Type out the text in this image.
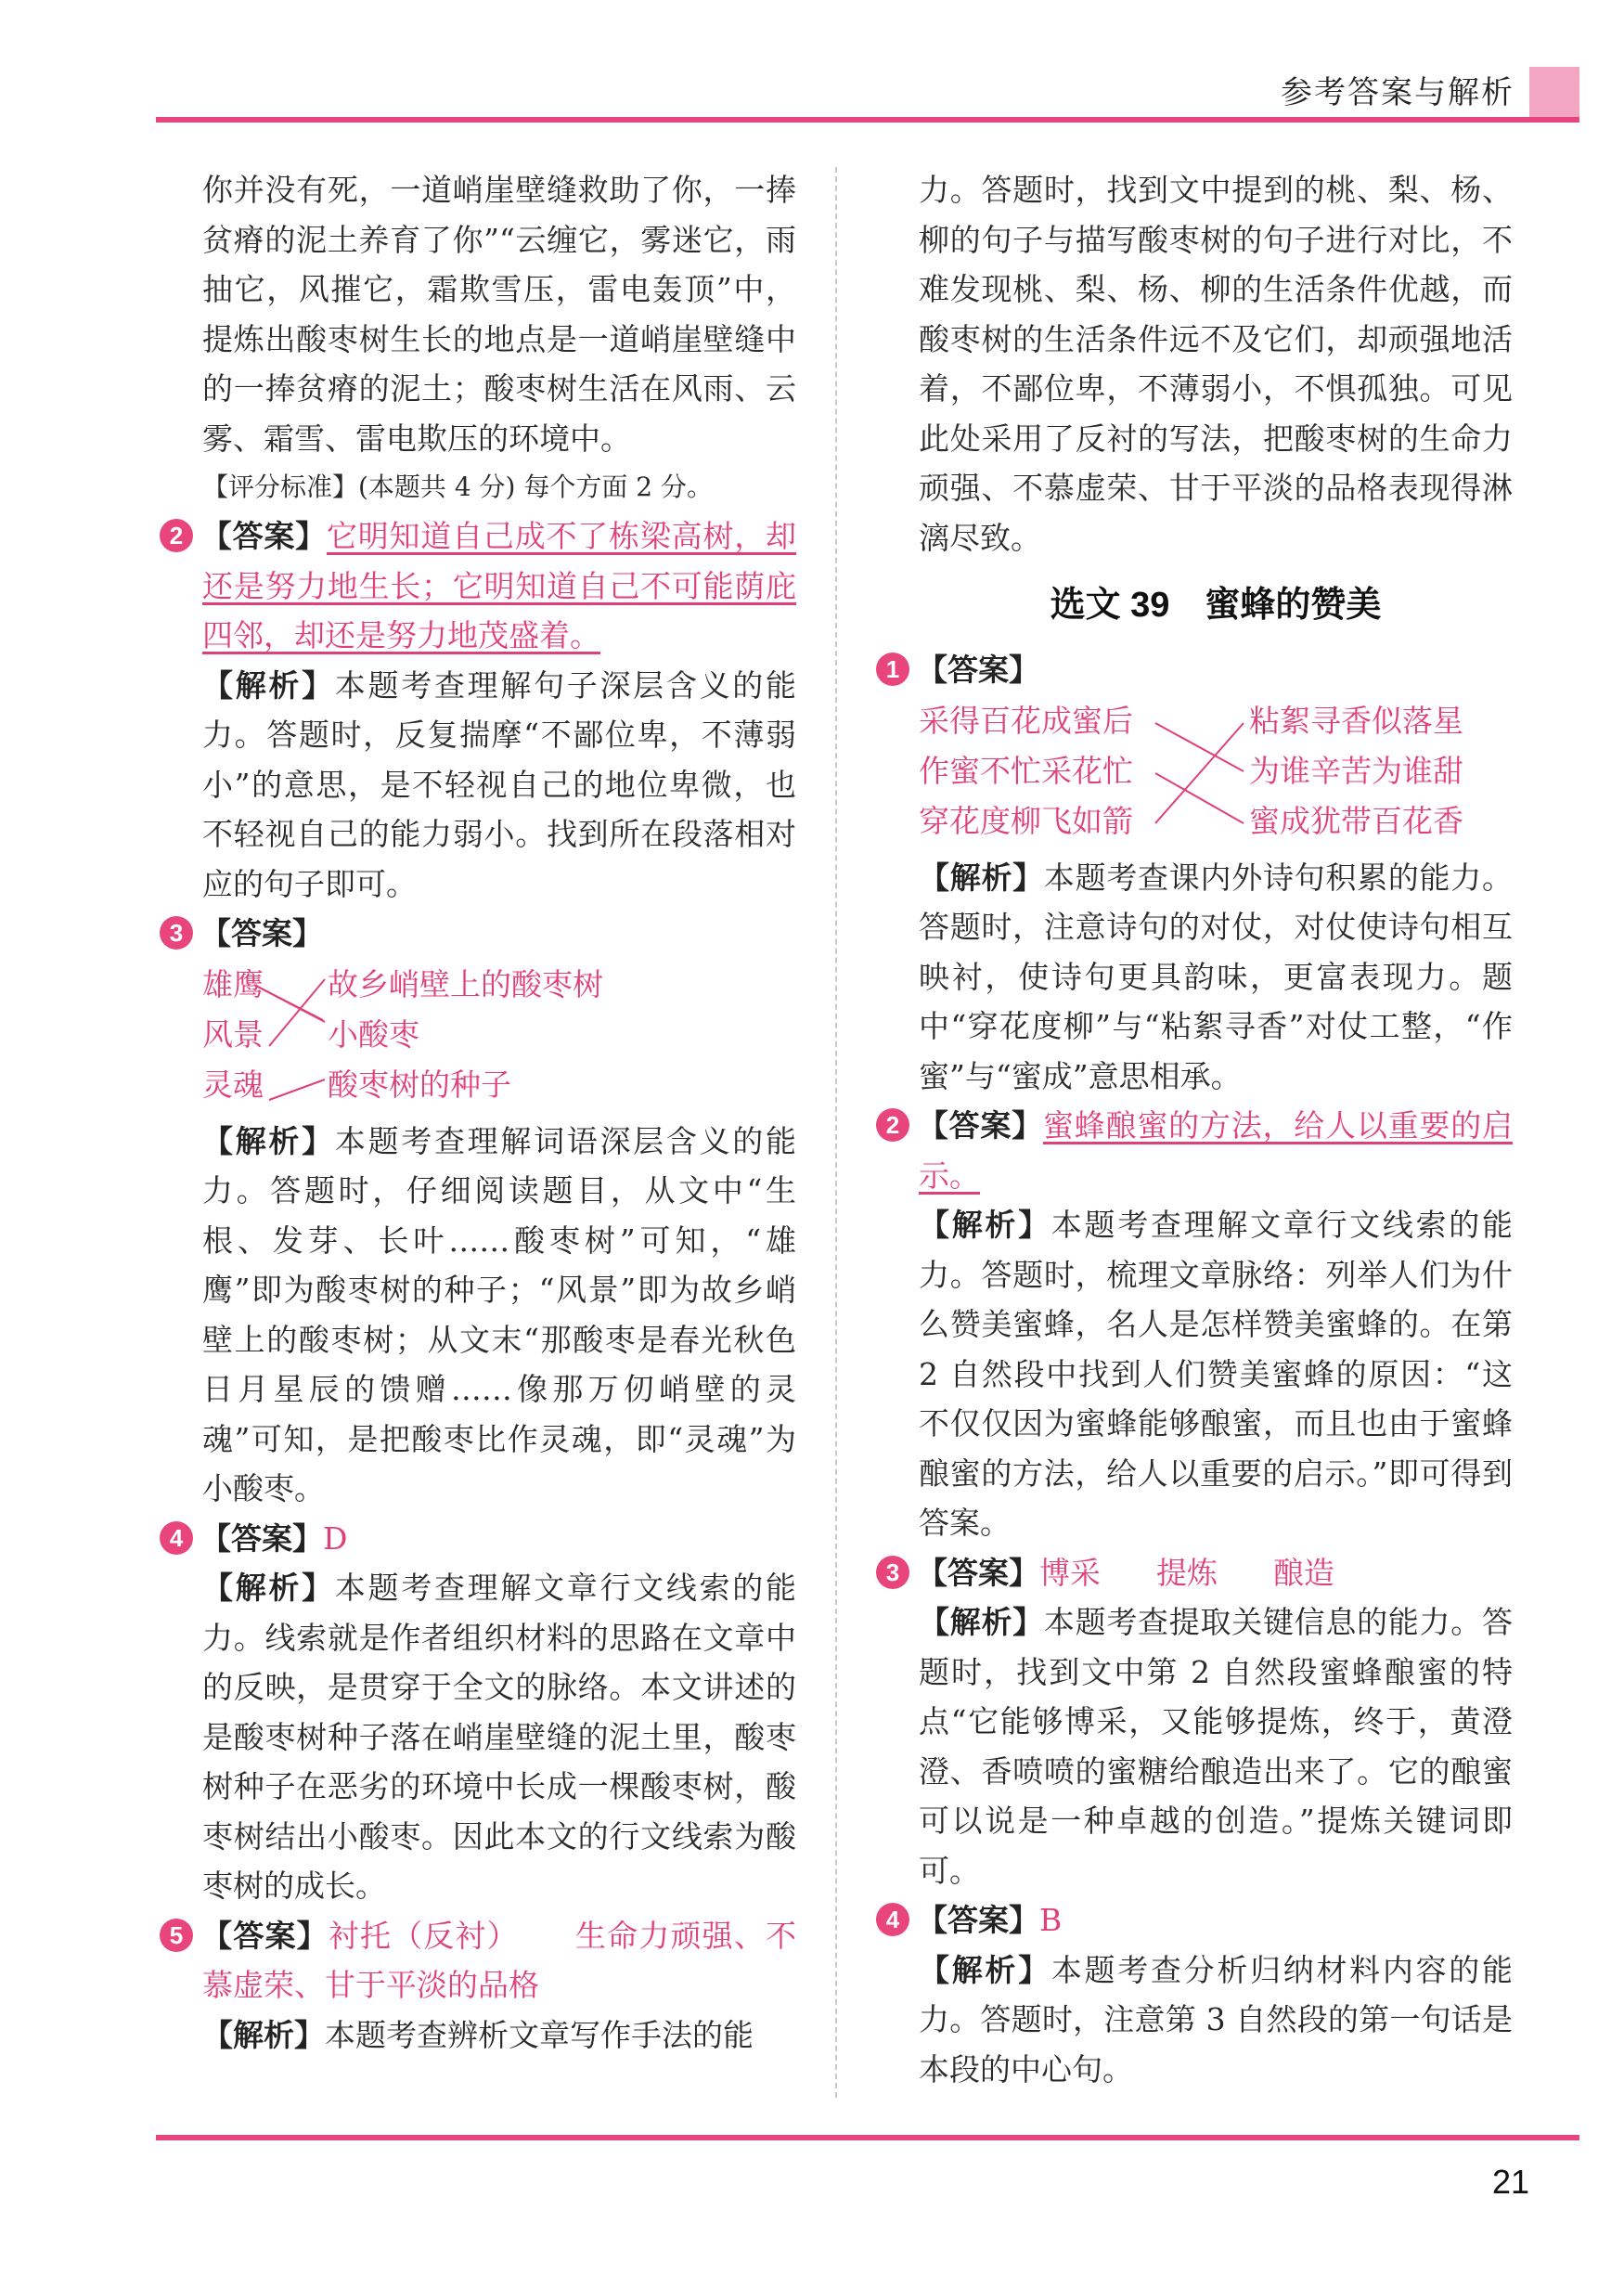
参考答案与解析

你并没有死，一道峭崖壁缝救助了你，一捧贫瘠的泥土养育了你”“云缠它，雾迷它，雨抽它，风摧它，霜欺雪压，雷电轰顶”中，提炼出酸枣树生长的地点是一道峭崖壁缝中的一捧贫瘠的泥土；酸枣树生活在风雨、云雾、霜雪、雷电欺压的环境中。

【评分标准】(本题共 4 分) 每个方面 2 分。

2 【答案】它明知道自己成不了栋梁高树，却还是努力地生长；它明知道自己不可能荫庇四邻，却还是努力地茂盛着。

【解析】本题考查理解句子深层含义的能力。答题时，反复揣摩“不鄙位卑，不薄弱小”的意思，是不轻视自己的地位卑微，也不轻视自己的能力弱小。找到所在段落相对应的句子即可。

3 【答案】

雄鹰
风景
灵魂
故乡峭壁上的酸枣树
小酸枣
酸枣树的种子

【解析】本题考查理解词语深层含义的能力。答题时，仔细阅读题目，从文中“生根、发芽、长叶……酸枣树”可知，“雄鹰”即为酸枣树的种子；“风景”即为故乡峭壁上的酸枣树；从文末“那酸枣是春光秋色日月星辰的馈赠……像那万仞峭壁的灵魂”可知，是把酸枣比作灵魂，即“灵魂”为小酸枣。

4 【答案】D

【解析】本题考查理解文章行文线索的能力。线索就是作者组织材料的思路在文章中的反映，是贯穿于全文的脉络。本文讲述的是酸枣树种子落在峭崖壁缝的泥土里，酸枣树种子在恶劣的环境中长成一棵酸枣树，酸枣树结出小酸枣。因此本文的行文线索为酸枣树的成长。

5 【答案】衬托（反衬） 生命力顽强、不慕虚荣、甘于平淡的品格

【解析】本题考查辨析文章写作手法的能

力。答题时，找到文中提到的桃、梨、杨、柳的句子与描写酸枣树的句子进行对比，不难发现桃、梨、杨、柳的生活条件优越，而酸枣树的生活条件远不及它们，却顽强地活着，不鄙位卑，不薄弱小，不惧孤独。可见此处采用了反衬的写法，把酸枣树的生命力顽强、不慕虚荣、甘于平淡的品格表现得淋漓尽致。

选文 39　蜜蜂的赞美

1 【答案】

采得百花成蜜后
作蜜不忙采花忙
穿花度柳飞如箭
粘絮寻香似落星
为谁辛苦为谁甜
蜜成犹带百花香

【解析】本题考查课内外诗句积累的能力。答题时，注意诗句的对仗，对仗使诗句相互映衬，使诗句更具韵味，更富表现力。题中“穿花度柳”与“粘絮寻香”对仗工整，“作蜜”与“蜜成”意思相承。

2 【答案】蜜蜂酿蜜的方法，给人以重要的启示。

【解析】本题考查理解文章行文线索的能力。答题时，梳理文章脉络：列举人们为什么赞美蜜蜂，名人是怎样赞美蜜蜂的。在第 2 自然段中找到人们赞美蜜蜂的原因：“这不仅仅因为蜜蜂能够酿蜜，而且也由于蜜蜂酿蜜的方法，给人以重要的启示。”即可得到答案。

3 【答案】博采 提炼 酿造

【解析】本题考查提取关键信息的能力。答题时，找到文中第 2 自然段蜜蜂酿蜜的特点“它能够博采，又能够提炼，终于，黄澄澄、香喷喷的蜜糖给酿造出来了。它的酿蜜可以说是一种卓越的创造。”提炼关键词即可。

4 【答案】B

【解析】本题考查分析归纳材料内容的能力。答题时，注意第 3 自然段的第一句话是本段的中心句。

21
